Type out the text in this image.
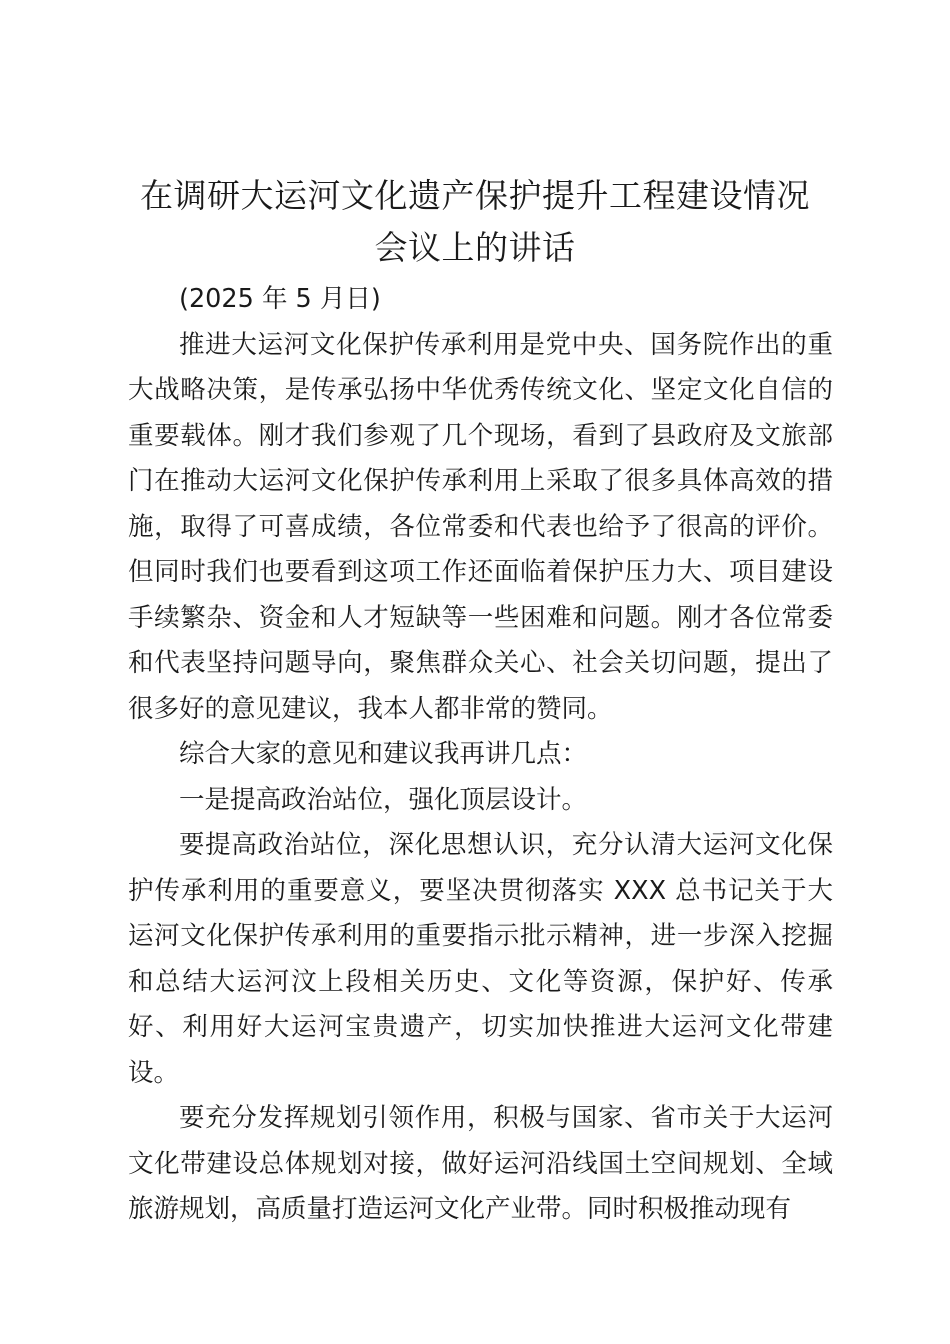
在调研大运河文化遗产保护提升工程建设情况
会议上的讲话

(2025 年 5 月日)

推进大运河文化保护传承利用是党中央、国务院作出的重大战略决策，是传承弘扬中华优秀传统文化、坚定文化自信的重要载体。刚才我们参观了几个现场，看到了县政府及文旅部门在推动大运河文化保护传承利用上采取了很多具体高效的措施，取得了可喜成绩，各位常委和代表也给予了很高的评价。但同时我们也要看到这项工作还面临着保护压力大、项目建设手续繁杂、资金和人才短缺等一些困难和问题。刚才各位常委和代表坚持问题导向，聚焦群众关心、社会关切问题，提出了很多好的意见建议，我本人都非常的赞同。

综合大家的意见和建议我再讲几点：

一是提高政治站位，强化顶层设计。

要提高政治站位，深化思想认识，充分认清大运河文化保护传承利用的重要意义，要坚决贯彻落实 XXX 总书记关于大运河文化保护传承利用的重要指示批示精神，进一步深入挖掘和总结大运河汶上段相关历史、文化等资源，保护好、传承好、利用好大运河宝贵遗产，切实加快推进大运河文化带建设。

要充分发挥规划引领作用，积极与国家、省市关于大运河文化带建设总体规划对接，做好运河沿线国土空间规划、全域旅游规划，高质量打造运河文化产业带。同时积极推动现有
